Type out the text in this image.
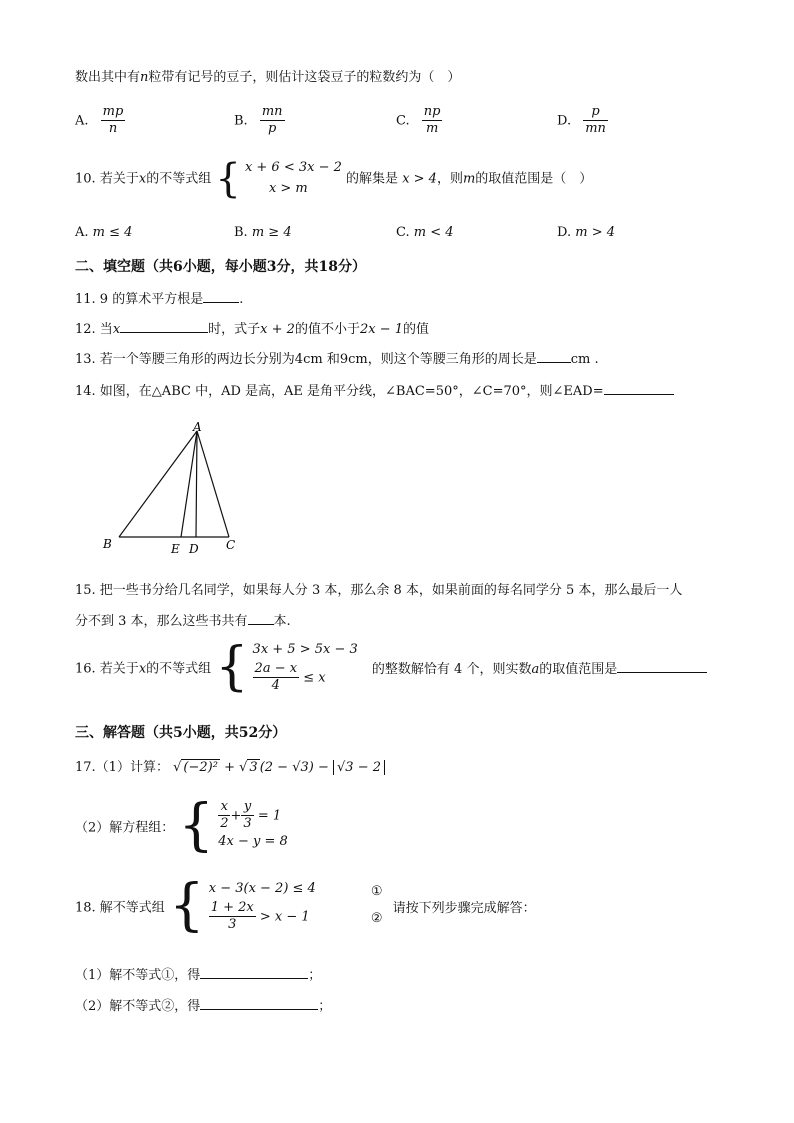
数出其中有n粒带有记号的豆子，则估计这袋豆子的粒数约为（　）
A. $\frac{mp}{n}$	B. $\frac{mn}{p}$	C. $\frac{np}{m}$	D. $\frac{p}{mn}$
10. 若关于x的不等式组 { x + 6 < 3x − 2
x > m
的解集是 x > 4，则m的取值范围是（　）
A. m ≤ 4	B. m ≥ 4	C. m < 4	D. m > 4
二、填空题（共6小题，每小题3分，共18分）
11. 9 的算术平方根是	.
12. 当x	时，式子x + 2的值不小于2x − 1的值
13. 若一个等腰三角形的两边长分别为4cm 和9cm，则这个等腰三角形的周长是	cm .
14. 如图，在△ABC 中，AD 是高，AE 是角平分线，∠BAC=50°，∠C=70°，则∠EAD=
A
B	E D C
15. 把一些书分给几名同学，如果每人分 3 本，那么余 8 本，如果前面的每名同学分 5 本，那么最后一人
分不到 3 本，那么这些书共有 本.
16. 若关于x的不等式组 { 3x + 5 > 5x − 3
$\frac{2a - x}{4} \le x$
的整数解恰有 4 个，则实数a的取值范围是
三、解答题（共5小题，共52分）
17.（1）计算： √ (−2)² + √ 3 (2 − √3) − √3 − 2
（2）解方程组： { $\frac{x}{2} + \frac{y}{3} = 1$
4x − y = 8
18. 解不等式组 { x − 3(x − 2) ≤ 4
$\frac{1 + 2x}{3} > x - 1$

①
②
请按下列步骤完成解答：
（1）解不等式①，得	；
（2）解不等式②，得	；
